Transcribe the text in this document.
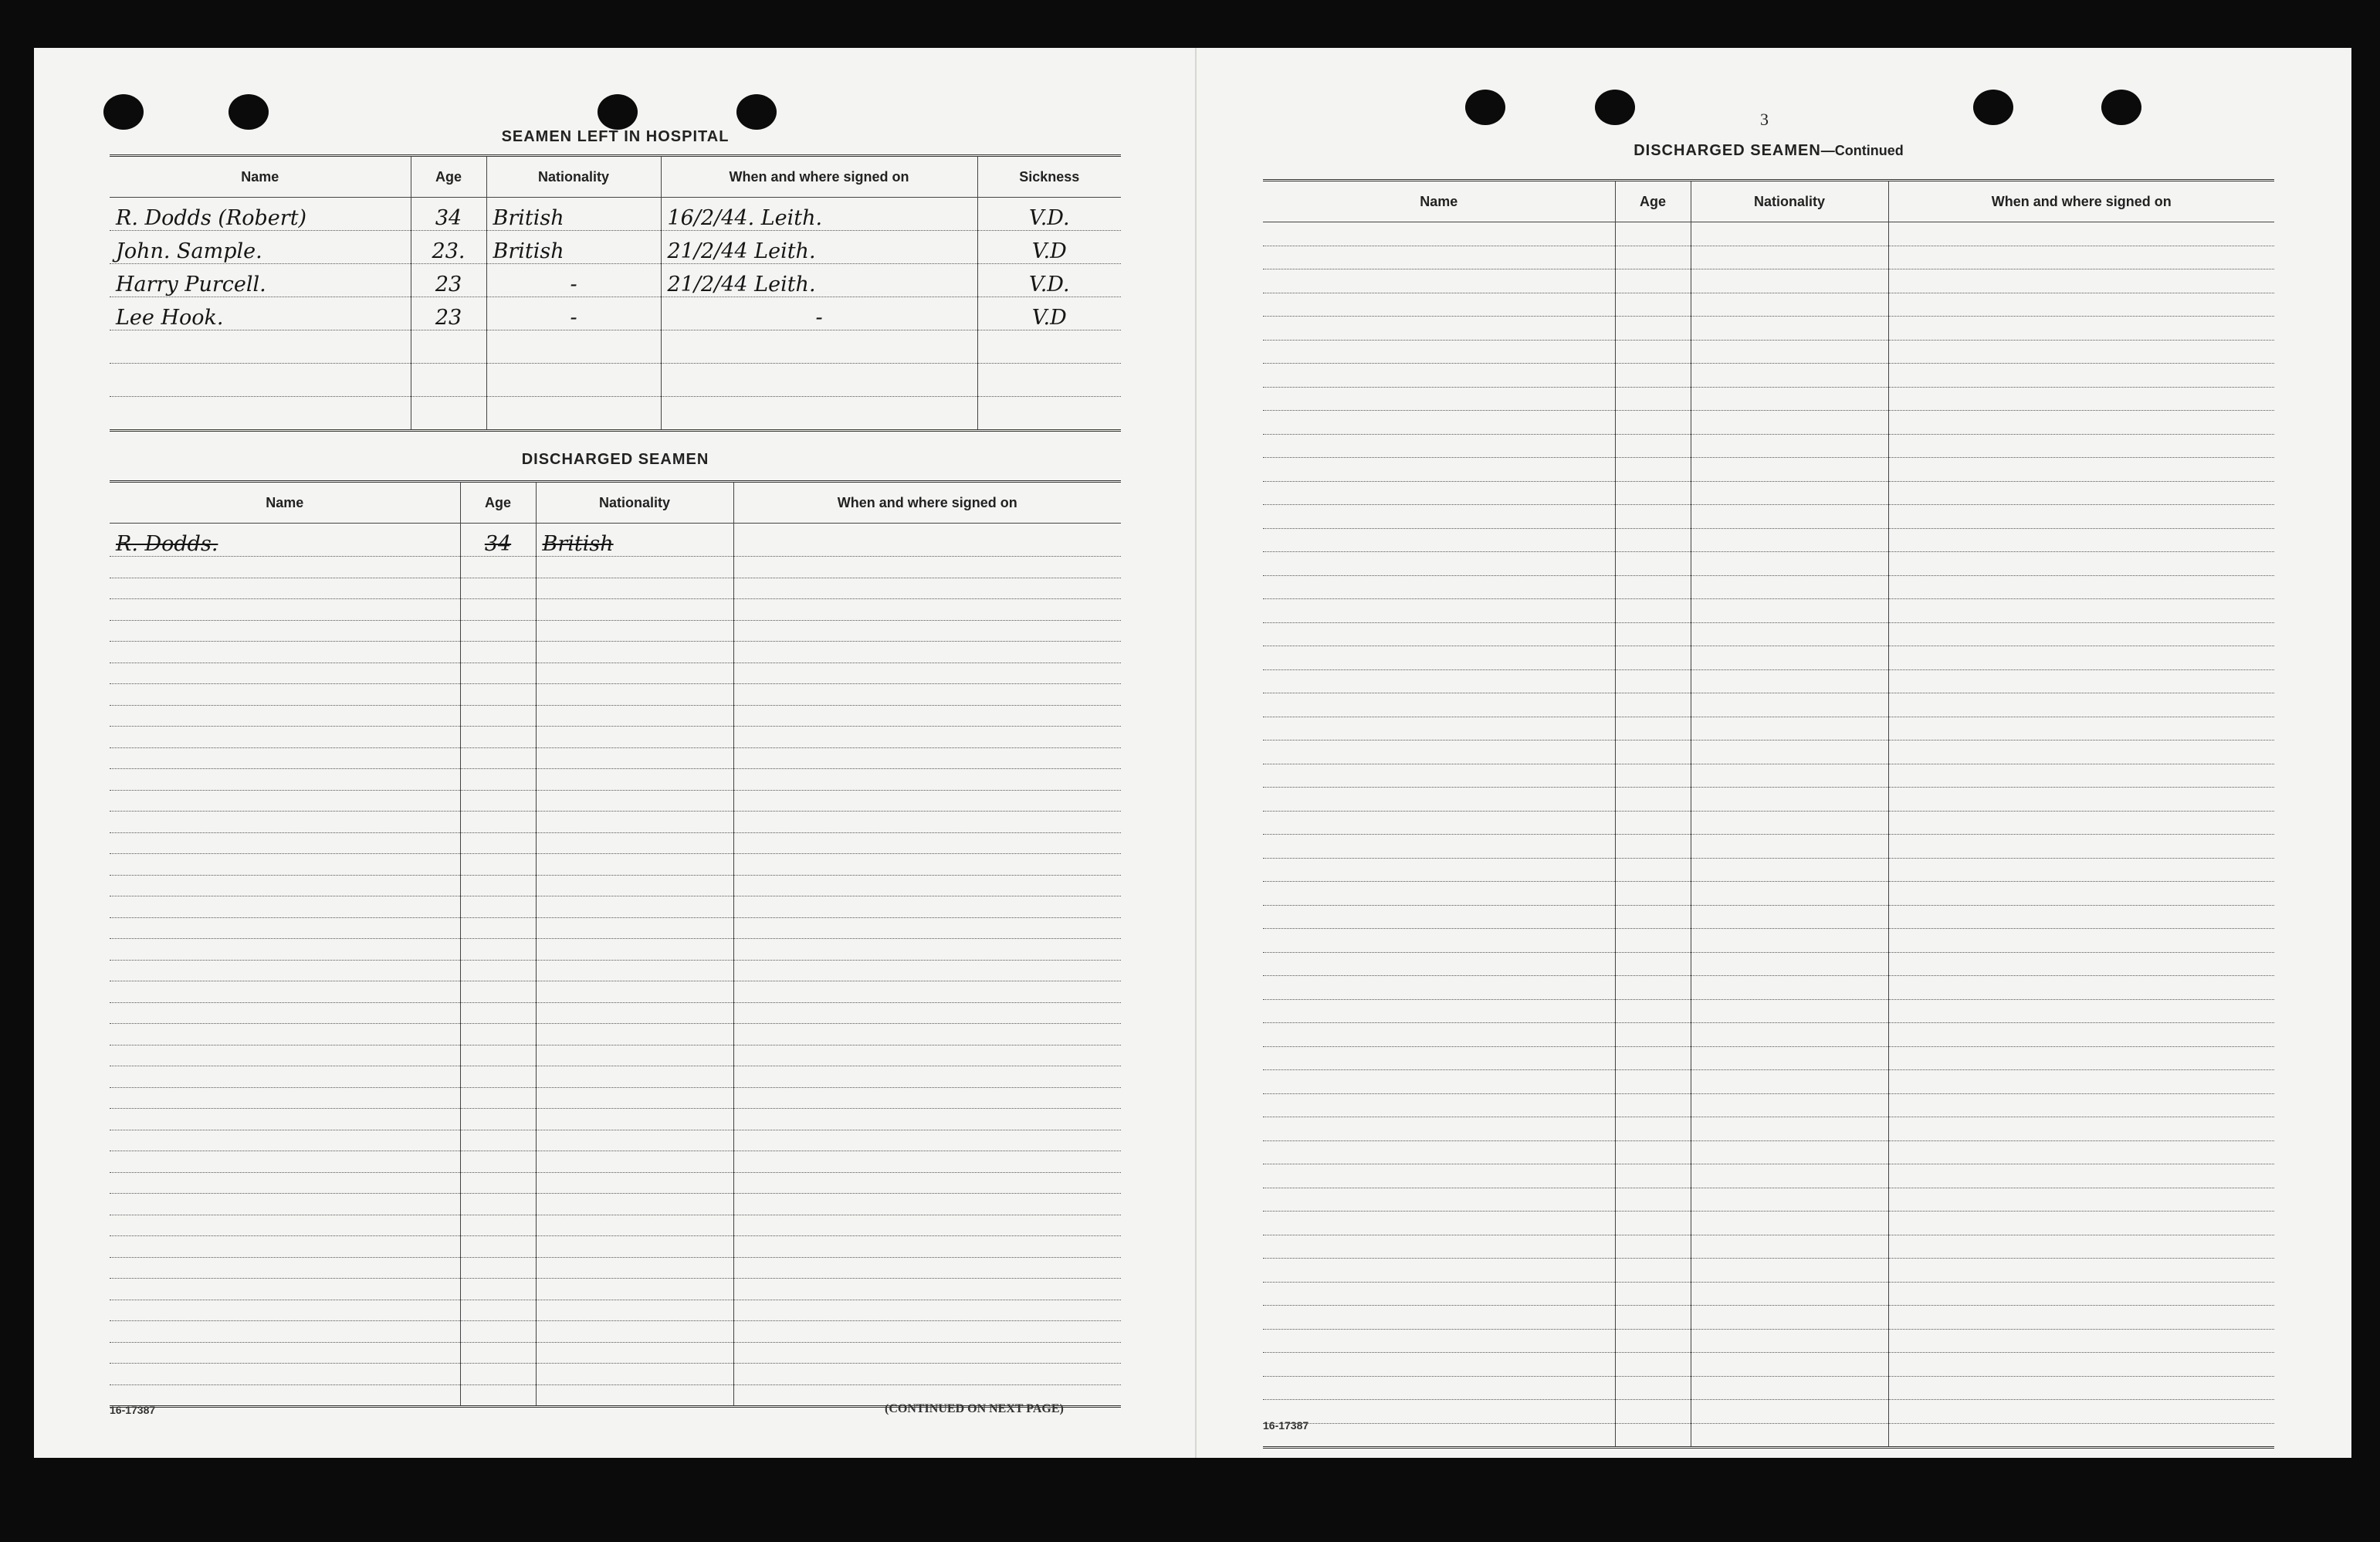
SEAMEN LEFT IN HOSPITAL
Name	Age	Nationality	When and where signed on	Sickness
R. Dodds (Robert)	34	British	16/2/44. Leith.	V.D.
John. Sample.	23.	British	21/2/44 Leith.	V.D
Harry Purcell.	23	-	21/2/44 Leith.	V.D.
Lee Hook.	23	-	-	V.D

DISCHARGED SEAMEN
Name	Age	Nationality	When and where signed on
R. Dodds.	34	British	

16-17387	(CONTINUED ON NEXT PAGE)
3
DISCHARGED SEAMEN—Continued
Name	Age	Nationality	When and where signed on

16-17387
